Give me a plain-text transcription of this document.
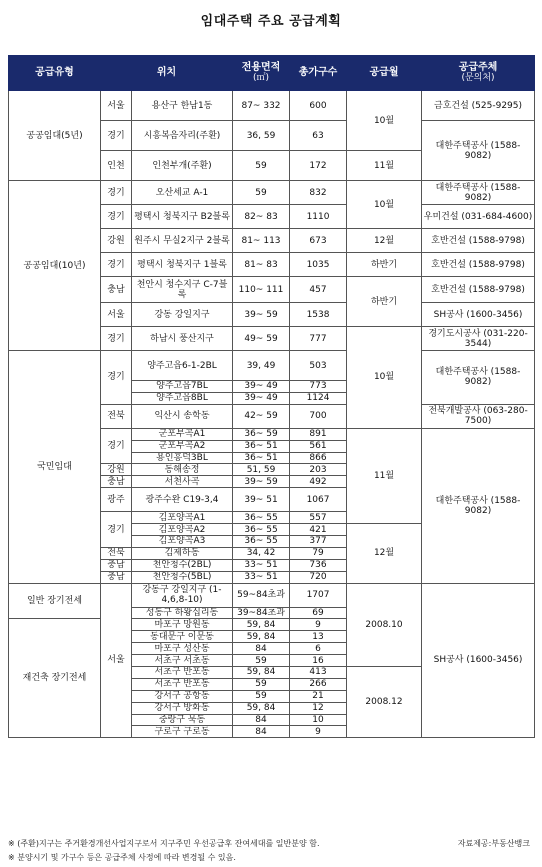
임대주택 주요 공급계획
공급유형	위치		전용면적
(㎡)	총가구수	공급월	공급주체
(문의처)
공공임대(5년)	서울	용산구 한남1동	87~ 332	600	10월	금호건설 (525-9295)
	경기	시흥복음자리(주환)	36, 59	63		대한주택공사 (1588-9082)
	인천	인천부개(주환)	59	172	11월	
공공임대(10년)	경기	오산세교 A-1	59	832	10월	대한주택공사 (1588-9082)
	경기	평택시 청북지구 B2블록	82~ 83	1110		우미건설 (031-684-4600)
	강원	원주시 무실2지구 2블록	81~ 113	673	12월	호반건설 (1588-9798)
	경기	평택시 청북지구 1블록	81~ 83	1035	하반기	호반건설 (1588-9798)
	충남	천안시 청수지구 C-7블록	110~ 111	457	하반기	호반건설 (1588-9798)
	서울	강동 강일지구	39~ 59	1538		SH공사 (1600-3456)
	경기	하남시 풍산지구	49~ 59	777	10월	경기도시공사 (031-220-3544)
국민임대	경기	양주고읍6-1-2BL	39, 49	503		대한주택공사 (1588-9082)
		양주고읍7BL	39~ 49	773		
		양주고읍8BL	39~ 49	1124		
	전북	익산시 송학동	42~ 59	700		전북개발공사 (063-280-7500)
	경기	군포부곡A1	36~ 59	891	11월	대한주택공사 (1588-9082)
		군포부곡A2	36~ 51	561		
		용인흥덕3BL	36~ 51	866		
	강원	동해송정	51, 59	203		
	충남	서천사곡	39~ 59	492		
	광주	광주수완 C19-3,4	39~ 51	1067		
	경기	김포양곡A1	36~ 55	557		
		김포양곡A2	36~ 55	421	12월	
		김포양곡A3	36~ 55	377		
	전북	김제하동	34, 42	79		
	충남	천안청수(2BL)	33~ 51	736		
	충남	천안청수(5BL)	33~ 51	720		
일반 장기전세	서울	강동구 강일지구 (1-4,6,8-10)	59~84초과	1707	2008.10	SH공사 (1600-3456)
		성동구 하왕십리동	39~84초과	69		
재건축 장기전세		마포구 망원동	59, 84	9		
		동대문구 이문동	59, 84	13		
		마포구 성산동	84	6		
		서초구 서초동	59	16		
		서초구 반포동	59, 84	413	2008.12	
		서초구 반포동	59	266		
		강서구 공항동	59	21		
		강서구 방화동	59, 84	12		
		중랑구 묵동	84	10		
		구로구 구로동	84	9		
※ (주환)지구는 주거환경개선사업지구로서 지구주민 우선공급후 잔여세대를 일반분양 함.	자료제공:부동산뱅크
※ 분양시기 및 가구수 등은 공급주체 사정에 따라 변경될 수 있음.
